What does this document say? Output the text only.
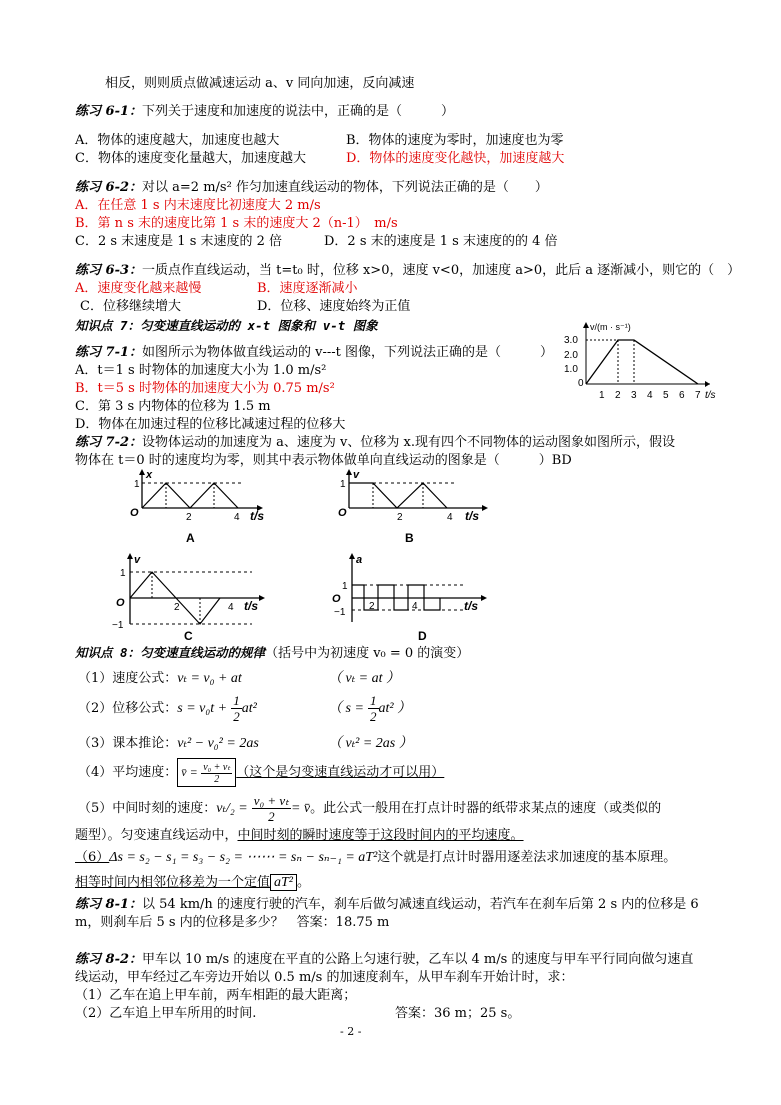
相反，则则质点做减速运动 a、v 同向加速，反向减速
练习 6-1：下列关于速度和加速度的说法中，正确的是（　　　）
A．物体的速度越大，加速度也越大	B．物体的速度为零时，加速度也为零
C．物体的速度变化量越大，加速度越大	D．物体的速度变化越快，加速度越大
练习 6-2：对以 a=2 m/s² 作匀加速直线运动的物体，下列说法正确的是（　　）
A．在任意 1 s 内末速度比初速度大 2 m/s
B．第 n s 末的速度比第 1 s 末的速度大 2（n-1）　m/s
C．2 s 末速度是 1 s 末速度的 2 倍	D．2 s 末的速度是 1 s 末速度的的 4 倍
练习 6-3：一质点作直线运动，当 t=t₀ 时，位移 x>0，速度 v<0，加速度 a>0，此后 a 逐渐减小，则它的（　）
A．速度变化越来越慢	B．速度逐渐减小
C．位移继续增大	D．位移、速度始终为正值
知识点 7：匀变速直线运动的 x-t 图象和 v-t 图象
练习 7-1：如图所示为物体做直线运动的 v---t 图像，下列说法正确的是（　　　）
A．t＝1 s 时物体的加速度大小为 1.0 m/s²
B．t＝5 s 时物体的加速度大小为 0.75 m/s²
C．第 3 s 内物体的位移为 1.5 m
D．物体在加速过程的位移比减速过程的位移大
v/(m · s⁻¹)
3.0
2.0
1.0
0
1 2 3 4 5 6 7 t/s
练习 7-2：设物体运动的加速度为 a、速度为 v、位移为 x.现有四个不同物体的运动图象如图所示，假设
物体在 t＝0 时的速度均为零，则其中表示物体做单向直线运动的图象是（　　　）BD
x
1
O	2	4 t/s
A
v
1
O	2	4 t/s
B
v
1
O
−1
2	4 t/s
C
a
1
O
−1
2	4	t/s
D
知识点 8：匀变速直线运动的规律（括号中为初速度 v₀ = 0 的演变）
（1）速度公式：vₜ = v₀ + at	（ vₜ = at ）
（2）位移公式：$s = v_0t + \frac{1}{2} at^2$	（ $s = \frac{1}{2} at^2$ ）
（3）课本推论：vₜ² − v₀² = 2as	（ vₜ² = 2as ）
（4）平均速度： v̄ = $\frac{\text{v₀ + vₜ}}{2}$ （这个是匀变速直线运动才可以用）
（5）中间时刻的速度：$v_t/_2 = \frac{\text{v₀ + vₜ}}{2}$ = v̄。此公式一般用在打点计时器的纸带求某点的速度（或类似的
题型）。匀变速直线运动中，中间时刻的瞬时速度等于这段时间内的平均速度。
（6）Δs = s₂ − s₁ = s₃ − s₂ = ⋯⋯ = sₙ − sₙ₋₁ = aT²这个就是打点计时器用逐差法求加速度的基本原理。
相等时间内相邻位移差为一个定值 aT² 。
练习 8-1：以 54 km/h 的速度行驶的汽车，刹车后做匀减速直线运动，若汽车在刹车后第 2 s 内的位移是 6
m，则刹车后 5 s 内的位移是多少？　答案：18.75 m
练习 8-2：甲车以 10 m/s 的速度在平直的公路上匀速行驶，乙车以 4 m/s 的速度与甲车平行同向做匀速直
线运动，甲车经过乙车旁边开始以 0.5 m/s 的加速度刹车，从甲车刹车开始计时，求：
（1）乙车在追上甲车前，两车相距的最大距离；
（2）乙车追上甲车所用的时间.	答案：36 m；25 s。
- 2 -
